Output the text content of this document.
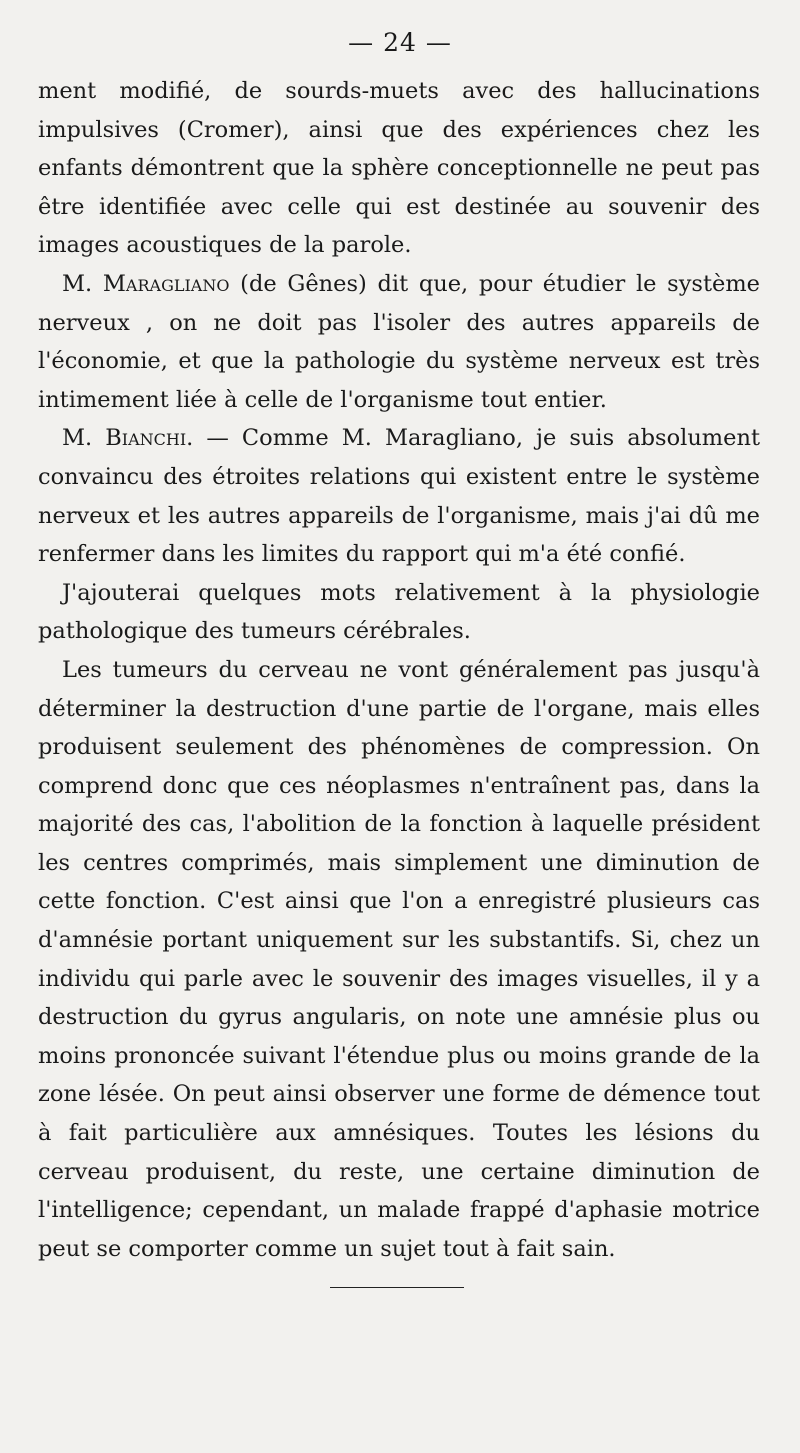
— 24 —

ment modifié, de sourds-muets avec des hallucinations impulsives (Cromer), ainsi que des expériences chez les enfants démontrent que la sphère conceptionnelle ne peut pas être identifiée avec celle qui est destinée au souvenir des images acoustiques de la parole.

M. Maragliano (de Gênes) dit que, pour étudier le système nerveux , on ne doit pas l'isoler des autres appareils de l'économie, et que la pathologie du système nerveux est très intimement liée à celle de l'organisme tout entier.

M. Bianchi. — Comme M. Maragliano, je suis absolument convaincu des étroites relations qui existent entre le système nerveux et les autres appareils de l'organisme, mais j'ai dû me renfermer dans les limites du rapport qui m'a été confié.

J'ajouterai quelques mots relativement à la physiologie pathologique des tumeurs cérébrales.

Les tumeurs du cerveau ne vont généralement pas jusqu'à déterminer la destruction d'une partie de l'organe, mais elles produisent seulement des phénomènes de compression. On comprend donc que ces néoplasmes n'entraînent pas, dans la majorité des cas, l'abolition de la fonction à laquelle président les centres comprimés, mais simplement une diminution de cette fonction. C'est ainsi que l'on a enregistré plusieurs cas d'amnésie portant uniquement sur les substantifs. Si, chez un individu qui parle avec le souvenir des images visuelles, il y a destruction du gyrus angularis, on note une amnésie plus ou moins prononcée suivant l'étendue plus ou moins grande de la zone lésée. On peut ainsi observer une forme de démence tout à fait particulière aux amnésiques. Toutes les lésions du cerveau produisent, du reste, une certaine diminution de l'intelligence; cependant, un malade frappé d'aphasie motrice peut se comporter comme un sujet tout à fait sain.
